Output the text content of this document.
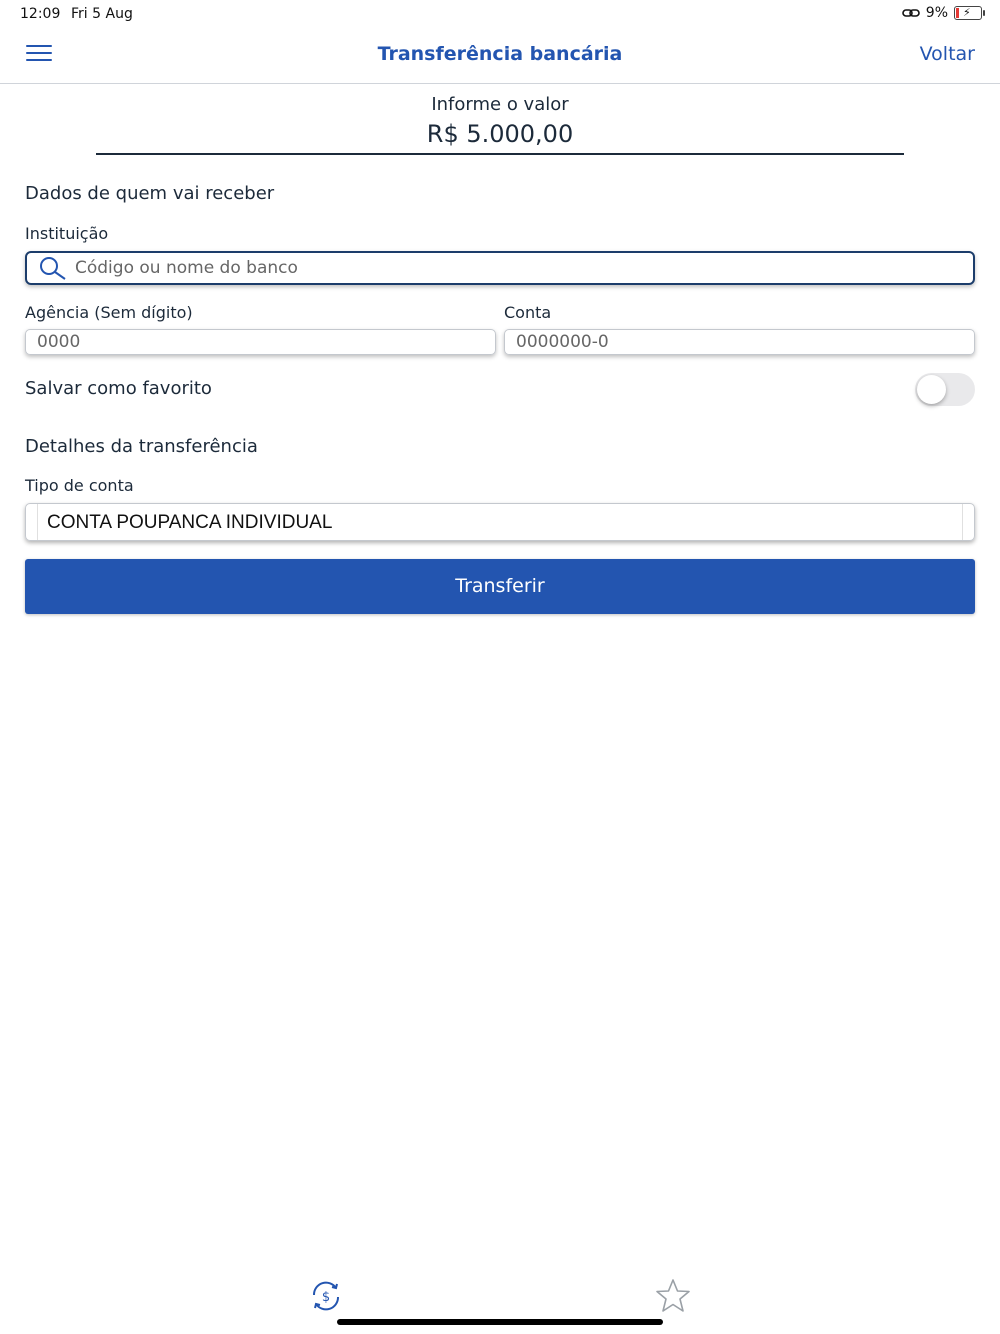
12:09 Fri 5 Aug	9% ⚡
Transferência bancária	Voltar
Informe o valor
R$ 5.000,00
Dados de quem vai receber
Instituição
Código ou nome do banco
Agência (Sem dígito)	Conta
0000
0000000-0
Salvar como favorito
Detalhes da transferência
Tipo de conta
CONTA POUPANCA INDIVIDUAL
Transferir
$
